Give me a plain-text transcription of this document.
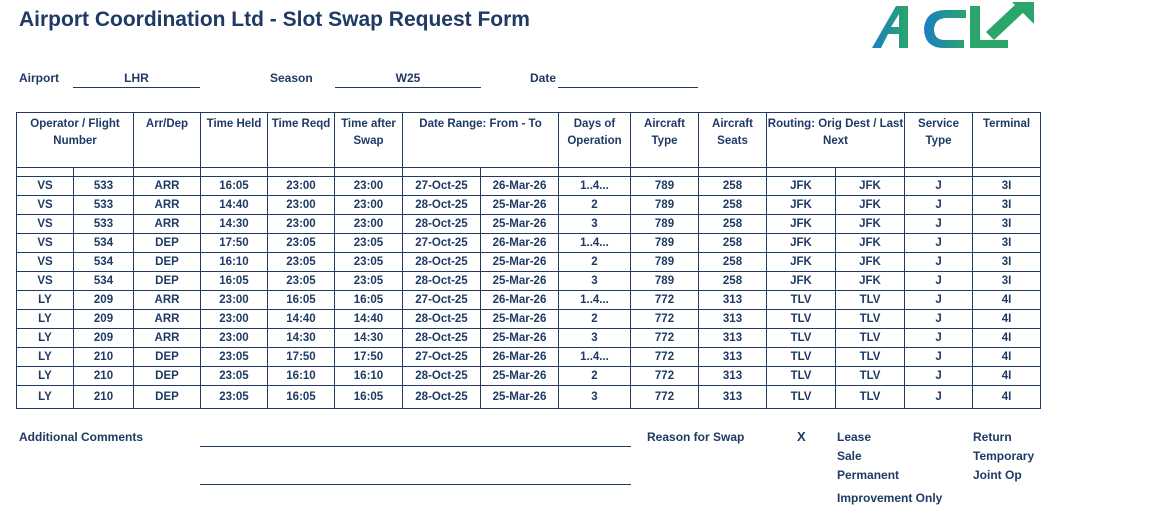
Airport Coordination Ltd - Slot Swap Request Form
Airport	LHR	Season	W25	Date
Operator / Flight Number		Arr/Dep	Time Held	Time Reqd	Time after Swap	Date Range: From - To		Days of Operation	Aircraft Type	Aircraft Seats	Routing: Orig Dest / Last Next		Service Type	Terminal

VS	533	ARR	16:05	23:00	23:00	27-Oct-25	26-Mar-26	1..4...	789	258	JFK	JFK	J	3I
VS	533	ARR	14:40	23:00	23:00	28-Oct-25	25-Mar-26	2	789	258	JFK	JFK	J	3I
VS	533	ARR	14:30	23:00	23:00	28-Oct-25	25-Mar-26	3	789	258	JFK	JFK	J	3I
VS	534	DEP	17:50	23:05	23:05	27-Oct-25	26-Mar-26	1..4...	789	258	JFK	JFK	J	3I
VS	534	DEP	16:10	23:05	23:05	28-Oct-25	25-Mar-26	2	789	258	JFK	JFK	J	3I
VS	534	DEP	16:05	23:05	23:05	28-Oct-25	25-Mar-26	3	789	258	JFK	JFK	J	3I
LY	209	ARR	23:00	16:05	16:05	27-Oct-25	26-Mar-26	1..4...	772	313	TLV	TLV	J	4I
LY	209	ARR	23:00	14:40	14:40	28-Oct-25	25-Mar-26	2	772	313	TLV	TLV	J	4I
LY	209	ARR	23:00	14:30	14:30	28-Oct-25	25-Mar-26	3	772	313	TLV	TLV	J	4I
LY	210	DEP	23:05	17:50	17:50	27-Oct-25	26-Mar-26	1..4...	772	313	TLV	TLV	J	4I
LY	210	DEP	23:05	16:10	16:10	28-Oct-25	25-Mar-26	2	772	313	TLV	TLV	J	4I
LY	210	DEP	23:05	16:05	16:05	28-Oct-25	25-Mar-26	3	772	313	TLV	TLV	J	4I
Additional Comments	Reason for Swap	X	Lease
Sale
Permanent
Improvement Only
Return
Temporary
Joint Op
